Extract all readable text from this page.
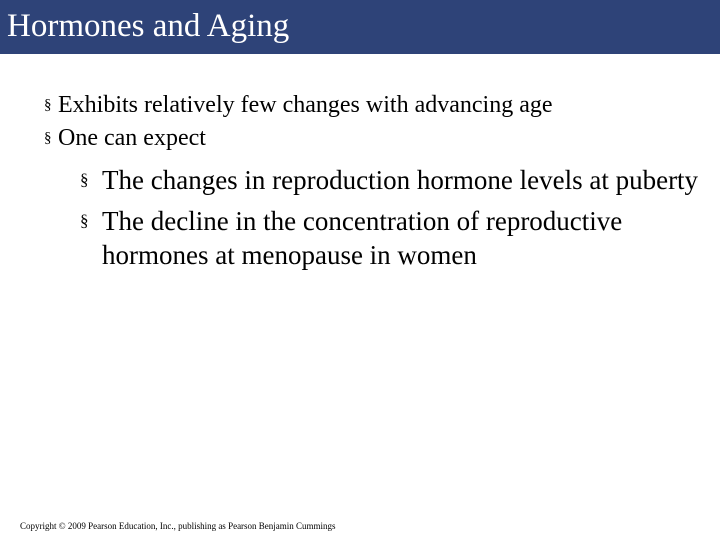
Hormones and Aging
§ Exhibits relatively few changes with advancing age
§ One can expect
§ The changes in reproduction hormone levels at puberty
§ The decline in the concentration of reproductive hormones at menopause in women
Copyright © 2009 Pearson Education, Inc., publishing as Pearson Benjamin Cummings
